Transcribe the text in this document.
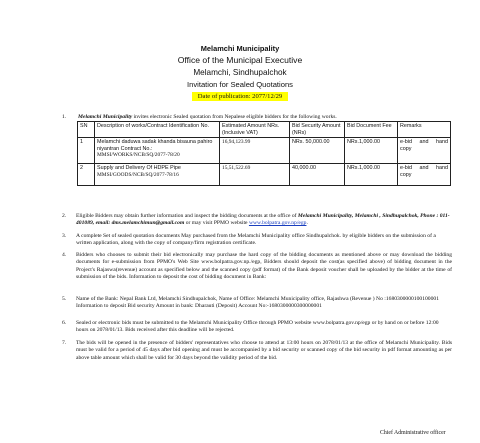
Melamchi Municipality
Office of the Municipal Executive
Melamchi, Sindhupalchok
Invitation for Sealed Quotations
Date of publication: 2077/12/29
1. Melamchi Municipality invites electronic Sealed quotation from Nepalese eligible bidders for the following works.
SN	Description of works/Contract Identification No.	Estimated Amount NRs. (Inclusive VAT)	Bid Security Amount (NRs)	Bid Document Fee	Remarks
1	Melamchi daduwa sadak khanda bisauna pahiro niyantran Contract No.:
MMSI/WORKS/NCB/SQ/2077-78/20	16,94,123.99	NRs. 50,000.00	NRs.1,000.00	e-bid and hand copy
2	Supply and Delivery Of HDPE Pipe
MMSI/GOODS/NCB/SQ/2077-78/16	15,51,522.69	40,000.00	NRs.1,000.00	e-bid and hand copy
2. Eligible Bidders may obtain further information and inspect the bidding documents at the office of Melamchi Municipality, Melamchi , Sindhupalchok, Phone : 011-401089, email: dms.melamchimun@gmail.com or may visit PPMO website www.bolpatra.gov.np/egp.
3. A complete Set of sealed quotation documents May purchased from the Melamchi Municipality office Sindhupalchok. by eligible bidders on the submission of a written application, along with the copy of company/firm registration certificate.
4. Bidders who chooses to submit their bid electronically may purchase the hard copy of the bidding documents as mentioned above or may download the bidding documents for e-submission from PPMO's Web Site www.bolpatra.gov.np./egp, Bidders should deposit the cost(as specified above) of bidding document in the Project's Rajaswa(revenue) account as specified below and the scanned copy (pdf format) of the Bank deposit voucher shall be uploaded by the bidder at the time of submission of the bids. Information to deposit the cost of bidding document in Bank:
5. Name of the Bank: Nepal Bank Ltd, Melamchi Sindhupalchok, Name of Office: Melamchi Municipality office, Rajashwa (Revenue ) No :1680300000100100001
Information to deposit Bid security Amount in bank: Dharauti (Deposit) Account No:-1680300000300000001
6. Sealed or electronic bids must be submitted to the Melamchi Municipality Office through PPMO website www.bolpatra.gov.np/egp or by hand on or before 12:00 hours on 2078/01/13. Bids received after this deadline will be rejected.
7. The bids will be opened in the presence of bidders' representatives who choose to attend at 13:00 hours on 2078/01/13 at the office of Melamchi Municipality. Bids must be valid for a period of 45 days after bid opening and must be accompanied by a bid security or scanned copy of the bid security in pdf format amounting as per above table amount which shall be valid for 30 days beyond the validity period of the bid.
Chief Administrative officer
